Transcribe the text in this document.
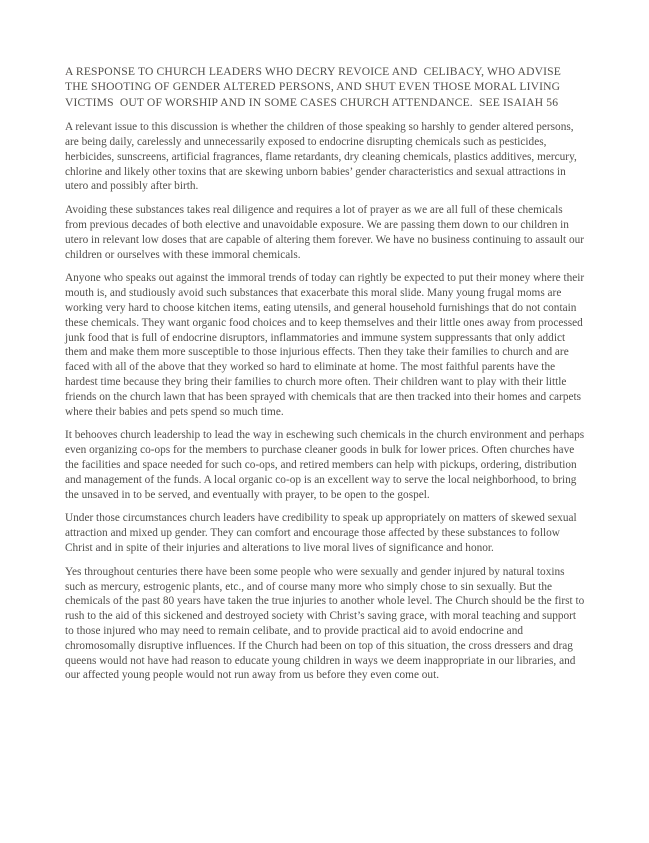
A RESPONSE TO CHURCH LEADERS WHO DECRY REVOICE AND  CELIBACY, WHO ADVISE THE SHOOTING OF GENDER ALTERED PERSONS, AND SHUT EVEN THOSE MORAL LIVING VICTIMS  OUT OF WORSHIP AND IN SOME CASES CHURCH ATTENDANCE.  SEE ISAIAH 56

A relevant issue to this discussion is whether the children of those speaking so harshly to gender altered persons, are being daily, carelessly and unnecessarily exposed to endocrine disrupting chemicals such as pesticides, herbicides, sunscreens, artificial fragrances, flame retardants, dry cleaning chemicals, plastics additives, mercury, chlorine and likely other toxins that are skewing unborn babies’ gender characteristics and sexual attractions in utero and possibly after birth.

Avoiding these substances takes real diligence and requires a lot of prayer as we are all full of these chemicals from previous decades of both elective and unavoidable exposure. We are passing them down to our children in utero in relevant low doses that are capable of altering them forever. We have no business continuing to assault our children or ourselves with these immoral chemicals.

Anyone who speaks out against the immoral trends of today can rightly be expected to put their money where their mouth is, and studiously avoid such substances that exacerbate this moral slide. Many young frugal moms are working very hard to choose kitchen items, eating utensils, and general household furnishings that do not contain these chemicals. They want organic food choices and to keep themselves and their little ones away from processed junk food that is full of endocrine disruptors, inflammatories and immune system suppressants that only addict them and make them more susceptible to those injurious effects. Then they take their families to church and are faced with all of the above that they worked so hard to eliminate at home. The most faithful parents have the hardest time because they bring their families to church more often. Their children want to play with their little friends on the church lawn that has been sprayed with chemicals that are then tracked into their homes and carpets where their babies and pets spend so much time.

It behooves church leadership to lead the way in eschewing such chemicals in the church environment and perhaps even organizing co-ops for the members to purchase cleaner goods in bulk for lower prices. Often churches have the facilities and space needed for such co-ops, and retired members can help with pickups, ordering, distribution and management of the funds. A local organic co-op is an excellent way to serve the local neighborhood, to bring the unsaved in to be served, and eventually with prayer, to be open to the gospel.

Under those circumstances church leaders have credibility to speak up appropriately on matters of skewed sexual attraction and mixed up gender. They can comfort and encourage those affected by these substances to follow Christ and in spite of their injuries and alterations to live moral lives of significance and honor.

Yes throughout centuries there have been some people who were sexually and gender injured by natural toxins such as mercury, estrogenic plants, etc., and of course many more who simply chose to sin sexually. But the chemicals of the past 80 years have taken the true injuries to another whole level. The Church should be the first to rush to the aid of this sickened and destroyed society with Christ’s saving grace, with moral teaching and support to those injured who may need to remain celibate, and to provide practical aid to avoid endocrine and chromosomally disruptive influences. If the Church had been on top of this situation, the cross dressers and drag queens would not have had reason to educate young children in ways we deem inappropriate in our libraries, and our affected young people would not run away from us before they even come out.
